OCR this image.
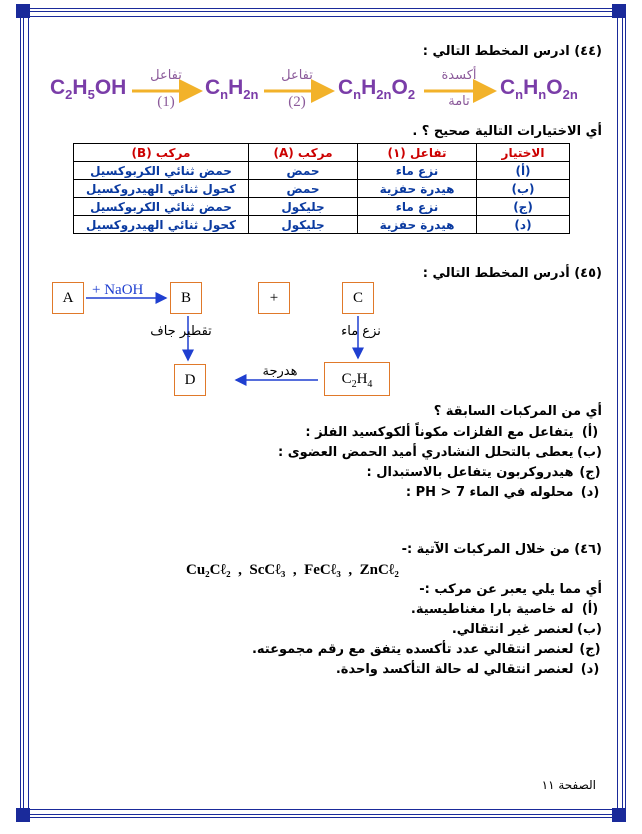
(٤٤) ادرس المخطط التالي :
$C_2H_5OH$	$C_nH_{2n}$	$C_nH_{2n}O_2$	$C_nH_nO_{2n}$
تفاعل
(1)
تفاعل
(2)
أكسدة
تامة
أي الاختيارات التالية صحيح ؟ .
الاختيار	تفاعل (١)	مركب (A)	مركب (B)
(أ)	نزع ماء	حمض	حمض ثنائي الكربوكسيل
(ب)	هيدرة حفزية	حمض	كحول ثنائي الهيدروكسيل
(ج)	نزع ماء	جليكول	حمض ثنائي الكربوكسيل
(د)	هيدرة حفزية	جليكول	كحول ثنائي الهيدروكسيل
(٤٥) أدرس المخطط التالي :
A	B	+	C
D	$C_2H_4$
+ NaOH
تقطير جاف	نزع ماء
هدرجة
أي من المركبات السابقة ؟
(أ) يتفاعل مع الفلزات مكوناً ألكوكسيد الفلز :
(ب) يعطى بالتحلل النشادري أميد الحمض العضوى :
(ج) هيدروكربون يتفاعل بالاستبدال :
(د) محلوله في الماء PH > 7 :
(٤٦) من خلال المركبات الآتية :-
Cu₂Cℓ₂  ,  ScCℓ₃  ,  FeCℓ₃  ,  ZnCℓ₂
أي مما يلي يعبر عن مركب :-
(أ) له خاصية بارا مغناطيسية.
(ب) لعنصر غير انتقالي.
(ج) لعنصر انتقالي عدد تأكسده يتفق مع رقم مجموعته.
(د) لعنصر انتقالي له حالة التأكسد واحدة.
الصفحة ١١
